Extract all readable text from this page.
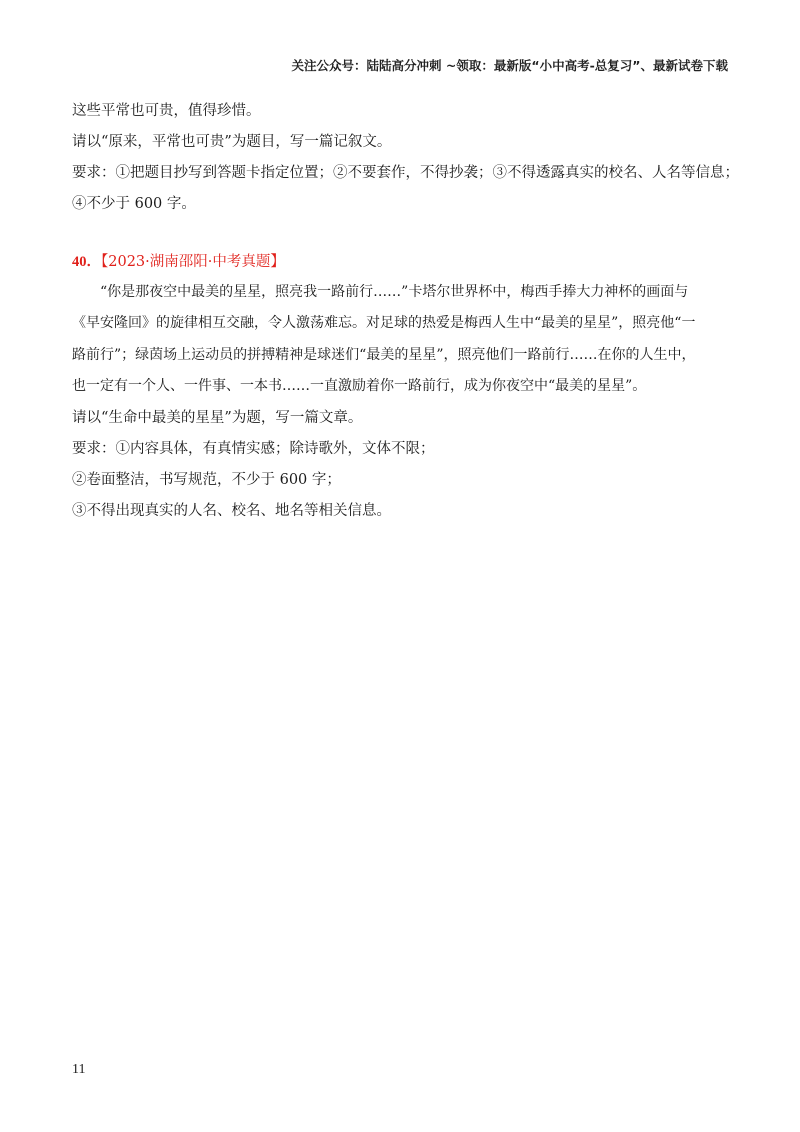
关注公众号：陆陆高分冲刺 ~领取：最新版“小中高考-总复习”、最新试卷下载
这些平常也可贵，值得珍惜。
请以“原来，平常也可贵”为题目，写一篇记叙文。
要求：①把题目抄写到答题卡指定位置；②不要套作，不得抄袭；③不得透露真实的校名、人名等信息；
④不少于 600 字。
40．【2023·湖南邵阳·中考真题】
“你是那夜空中最美的星星，照亮我一路前行……”卡塔尔世界杯中，梅西手捧大力神杯的画面与
《早安隆回》的旋律相互交融，令人激荡难忘。对足球的热爱是梅西人生中“最美的星星”，照亮他“一
路前行”；绿茵场上运动员的拼搏精神是球迷们“最美的星星”，照亮他们一路前行……在你的人生中，
也一定有一个人、一件事、一本书……一直激励着你一路前行，成为你夜空中“最美的星星”。
请以“生命中最美的星星”为题，写一篇文章。
要求：①内容具体，有真情实感；除诗歌外，文体不限；
②卷面整洁，书写规范，不少于 600 字；
③不得出现真实的人名、校名、地名等相关信息。
11
